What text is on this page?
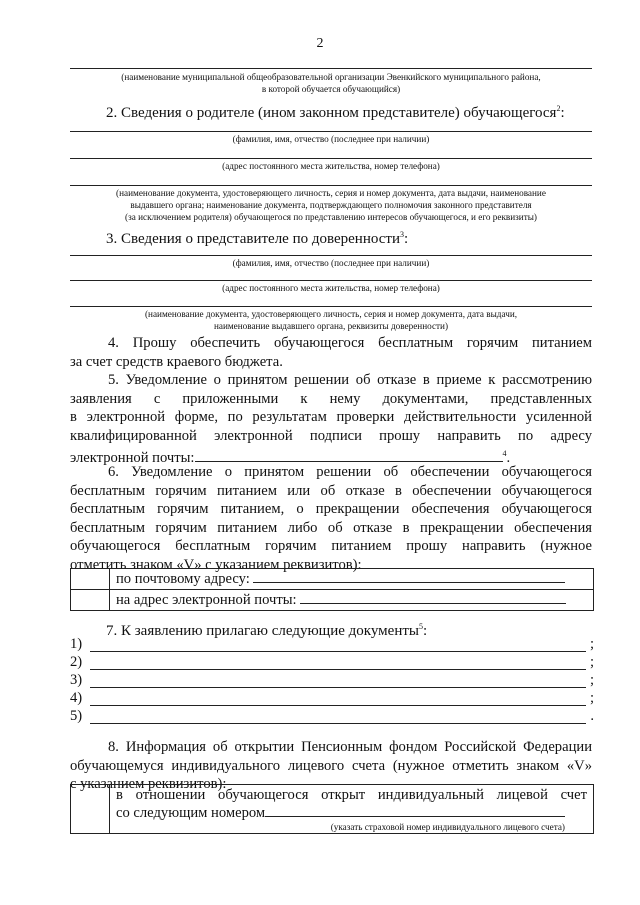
2
(наименование муниципальной общеобразовательной организации Эвенкийского муниципального района,
в которой обучается обучающийся)
2. Сведения о родителе (ином законном представителе) обучающегося$^2$:
(фамилия, имя, отчество (последнее при наличии)
(адрес постоянного места жительства, номер телефона)
(наименование документа, удостоверяющего личность, серия и номер документа, дата выдачи, наименование
выдавшего органа; наименование документа, подтверждающего полномочия законного представителя
(за исключением родителя) обучающегося по представлению интересов обучающегося, и его реквизиты)
3. Сведения о представителе по доверенности$^3$:
(фамилия, имя, отчество (последнее при наличии)
(адрес постоянного места жительства, номер телефона)
(наименование документа, удостоверяющего личность, серия и номер документа, дата выдачи,
наименование выдавшего органа, реквизиты доверенности)
4. Прошу обеспечить обучающегося бесплатным горячим питанием
за счет средств краевого бюджета.
5. Уведомление о принятом решении об отказе в приеме к рассмотрению
заявления с приложенными к нему документами, представленных
в электронной форме, по результатам проверки действительности усиленной
квалифицированной электронной подписи прошу направить по адресу
электронной почты:	$^4$.
6. Уведомление о принятом решении об обеспечении обучающегося
бесплатным горячим питанием или об отказе в обеспечении обучающегося
бесплатным горячим питанием, о прекращении обеспечения обучающегося
бесплатным горячим питанием либо об отказе в прекращении обеспечения
обучающегося бесплатным горячим питанием прошу направить (нужное
отметить знаком «V» с указанием реквизитов):
	по почтовому адресу:
	на адрес электронной почты:
7. К заявлению прилагаю следующие документы$^5$:
1)	;
2)	;
3)	;
4)	;
5)	.
8. Информация об открытии Пенсионным фондом Российской Федерации
обучающемуся индивидуального лицевого счета (нужное отметить знаком «V»
с указанием реквизитов):

в отношении обучающегося открыт индивидуальный лицевой счет
со следующим номером
(указать страховой номер индивидуального лицевого счета)
